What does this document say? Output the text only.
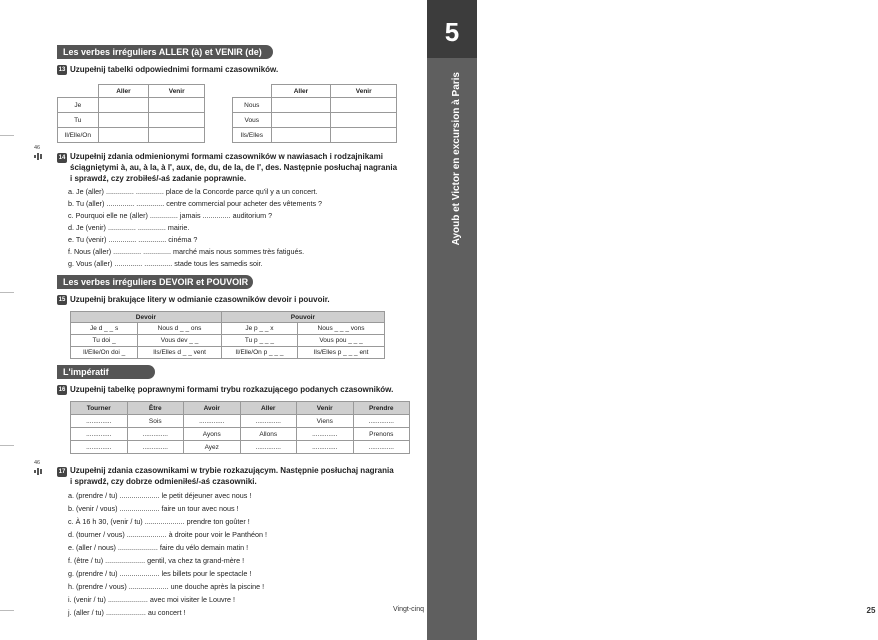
5
Ayoub et Victor en excursion à Paris
25
Vingt-cinq
Les verbes irréguliers ALLER (à) et VENIR (de)
13 Uzupełnij tabelki odpowiednimi formami czasowników.
	Aller	Venir
Je		
Tu		
Il/Elle/On		
	Aller	Venir
Nous		
Vous		
Ils/Elles		
46
14 Uzupełnij zdania odmienionymi formami czasowników w nawiasach i rodzajnikami
ściągniętymi à, au, à la, à l', aux, de, du, de la, de l', des. Następnie posłuchaj nagrania
i sprawdź, czy zrobiłeś/-aś zadanie poprawnie.
a. Je (aller) .............. .............. place de la Concorde parce qu'il y a un concert.
b. Tu (aller) .............. .............. centre commercial pour acheter des vêtements ?
c. Pourquoi elle ne (aller) .............. jamais .............. auditorium ?
d. Je (venir) .............. .............. mairie.
e. Tu (venir) .............. .............. cinéma ?
f. Nous (aller) .............. .............. marché mais nous sommes très fatigués.
g. Vous (aller) .............. .............. stade tous les samedis soir.
Les verbes irréguliers DEVOIR et POUVOIR
15 Uzupełnij brakujące litery w odmianie czasowników devoir i pouvoir.
Devoir		Pouvoir	
Je d _ _ s	Nous d _ _ ons	Je p _ _ x	Nous _ _ _ vons
Tu doi _	Vous dev _ _	Tu p _ _ _	Vous pou _ _ _
Il/Elle/On doi _	Ils/Elles d _ _ vent	Il/Elle/On p _ _ _	Ils/Elles p _ _ _ ent
L'impératif
16 Uzupełnij tabelkę poprawnymi formami trybu rozkazującego podanych czasowników.
Tourner	Être	Avoir	Aller	Venir	Prendre
..............	Sois	..............	..............	Viens	..............
..............	..............	Ayons	Allons	..............	Prenons
..............	..............	Ayez	..............	..............	..............
46
17 Uzupełnij zdania czasownikami w trybie rozkazującym. Następnie posłuchaj nagrania
i sprawdź, czy dobrze odmieniłeś/-aś czasowniki.
a. (prendre / tu) .................... le petit déjeuner avec nous !
b. (venir / vous) .................... faire un tour avec nous !
c. À 16 h 30, (venir / tu) .................... prendre ton goûter !
d. (tourner / vous) .................... à droite pour voir le Panthéon !
e. (aller / nous) .................... faire du vélo demain matin !
f. (être / tu) .................... gentil, va chez ta grand-mère !
g. (prendre / tu) .................... les billets pour le spectacle !
h. (prendre / vous) .................... une douche après la piscine !
i. (venir / tu) .................... avec moi visiter le Louvre !
j. (aller / tu) .................... au concert !
